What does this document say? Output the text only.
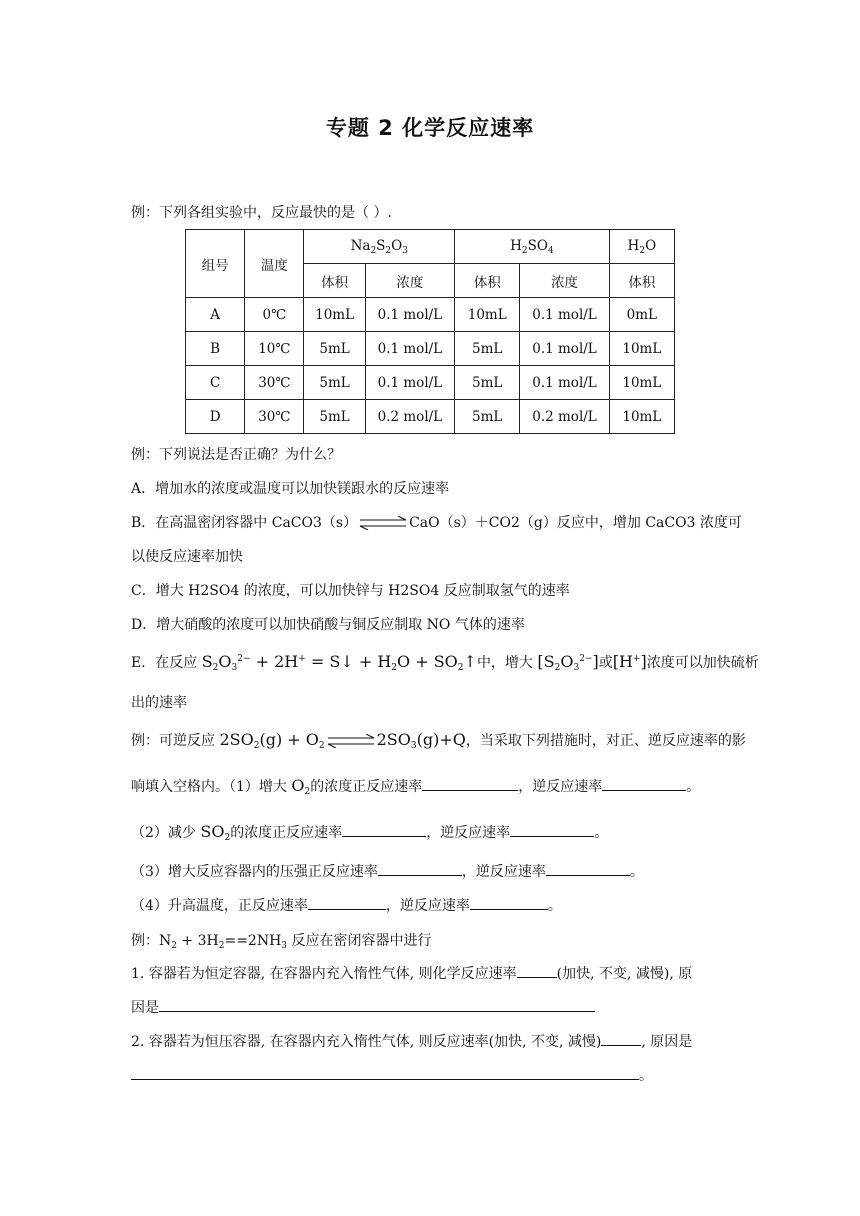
专题 2 化学反应速率
例：下列各组实验中，反应最快的是（ ）.
组号	温度	$Na_2S_2O_3$		$H_2SO_4$		$H_2O$
		体积	浓度	体积	浓度	体积
A	0℃	10mL	0.1 mol/L	10mL	0.1 mol/L	0mL
B	10℃	5mL	0.1 mol/L	5mL	0.1 mol/L	10mL
C	30℃	5mL	0.1 mol/L	5mL	0.1 mol/L	10mL
D	30℃	5mL	0.2 mol/L	5mL	0.2 mol/L	10mL
例：下列说法是否正确？为什么？
A．增加水的浓度或温度可以加快镁跟水的反应速率
B．在高温密闭容器中 CaCO3（s）⇌CaO（s）＋CO2（g）反应中，增加 CaCO3 浓度可
以使反应速率加快
C．增大 H2SO4 的浓度，可以加快锌与 H2SO4 反应制取氢气的速率
D．增大硝酸的浓度可以加快硝酸与铜反应制取 NO 气体的速率
E．在反应 $S_2O_3^{2-} + 2H^+$ = S↓ + $H_2O$ + $SO_2↑$中，增大 $[S_2O_3^{2-}]$或[H+]浓度可以加快硫析
出的速率
例：可逆反应 $2SO_2(g)$ + $O_2\rightleftharpoons 2SO_3(g)+Q$，当采取下列措施时，对正、逆反应速率的影
响填入空格内。（1）增大 $O_2$的浓度正反应速率	，逆反应速率	。
（2）减少 $SO_2$的浓度正反应速率	，逆反应速率	。
（3）增大反应容器内的压强正反应速率	，逆反应速率	。
（4）升高温度，正反应速率	，逆反应速率	。
例：$N_2 + 3H_2==2NH_3$ 反应在密闭容器中进行
1. 容器若为恒定容器, 在容器内充入惰性气体, 则化学反应速率	(加快, 不变, 减慢), 原
因是
2. 容器若为恒压容器, 在容器内充入惰性气体, 则反应速率(加快, 不变, 减慢)	, 原因是
。
